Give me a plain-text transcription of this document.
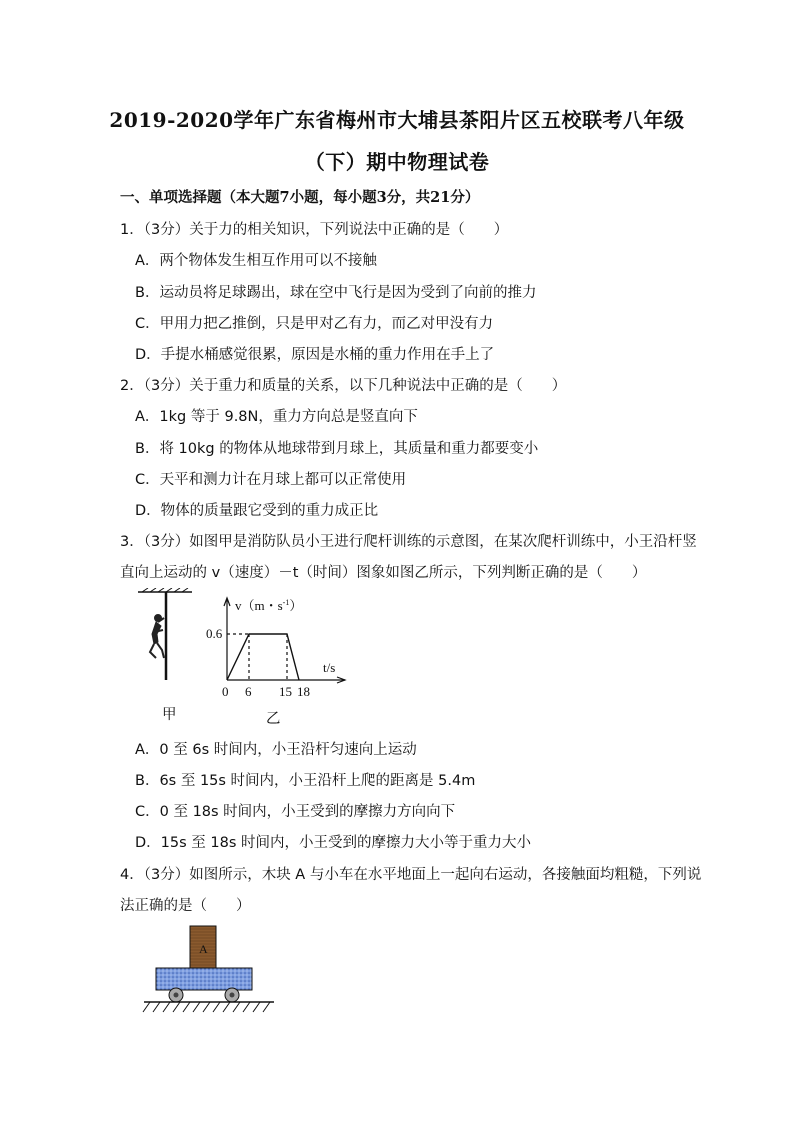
2019-2020学年广东省梅州市大埔县茶阳片区五校联考八年级
（下）期中物理试卷
一、单项选择题（本大题7小题，每小题3分，共21分）
1．（3分）关于力的相关知识，下列说法中正确的是（　　）
A．两个物体发生相互作用可以不接触
B．运动员将足球踢出，球在空中飞行是因为受到了向前的推力
C．甲用力把乙推倒，只是甲对乙有力，而乙对甲没有力
D．手提水桶感觉很累，原因是水桶的重力作用在手上了
2．（3分）关于重力和质量的关系，以下几种说法中正确的是（　　）
A．1kg 等于 9.8N，重力方向总是竖直向下
B．将 10kg 的物体从地球带到月球上，其质量和重力都要变小
C．天平和测力计在月球上都可以正常使用
D．物体的质量跟它受到的重力成正比
3．（3分）如图甲是消防队员小王进行爬杆训练的示意图，在某次爬杆训练中，小王沿杆竖
直向上运动的 v（速度）－t（时间）图象如图乙所示，下列判断正确的是（　　）
甲
v（m・$s^{-1}$）
0.6
t/s
0 6 15 18
乙
A．0 至 6s 时间内，小王沿杆匀速向上运动
B．6s 至 15s 时间内，小王沿杆上爬的距离是 5.4m
C．0 至 18s 时间内，小王受到的摩擦力方向向下
D．15s 至 18s 时间内，小王受到的摩擦力大小等于重力大小
4．（3分）如图所示，木块 A 与小车在水平地面上一起向右运动，各接触面均粗糙，下列说
法正确的是（　　）
A
